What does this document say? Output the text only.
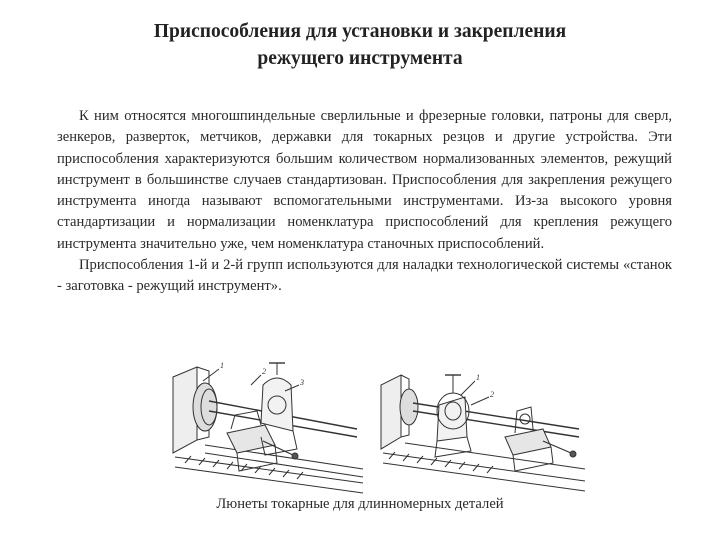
Приспособления для установки и закрепления
режущего инструмента

К ним относятся многошпиндельные сверлильные и фрезерные головки, патроны для сверл, зенкеров, разверток, метчиков, державки для токарных резцов и другие устройства. Эти приспособления характеризуются большим количеством нормализованных элементов, режущий инструмент в большинстве случаев стандартизован. Приспособления для закрепления режущего инструмента иногда называют вспомогательными инструментами. Из-за высокого уровня стандартизации и нормализации номенклатура приспособлений для крепления режущего инструмента значительно уже, чем номенклатура станочных приспособлений.

Приспособления 1-й и 2-й групп используются для наладки технологической системы «станок - заготовка - режущий инструмент».

1
2
3
1
2
Люнеты токарные для длинномерных деталей
